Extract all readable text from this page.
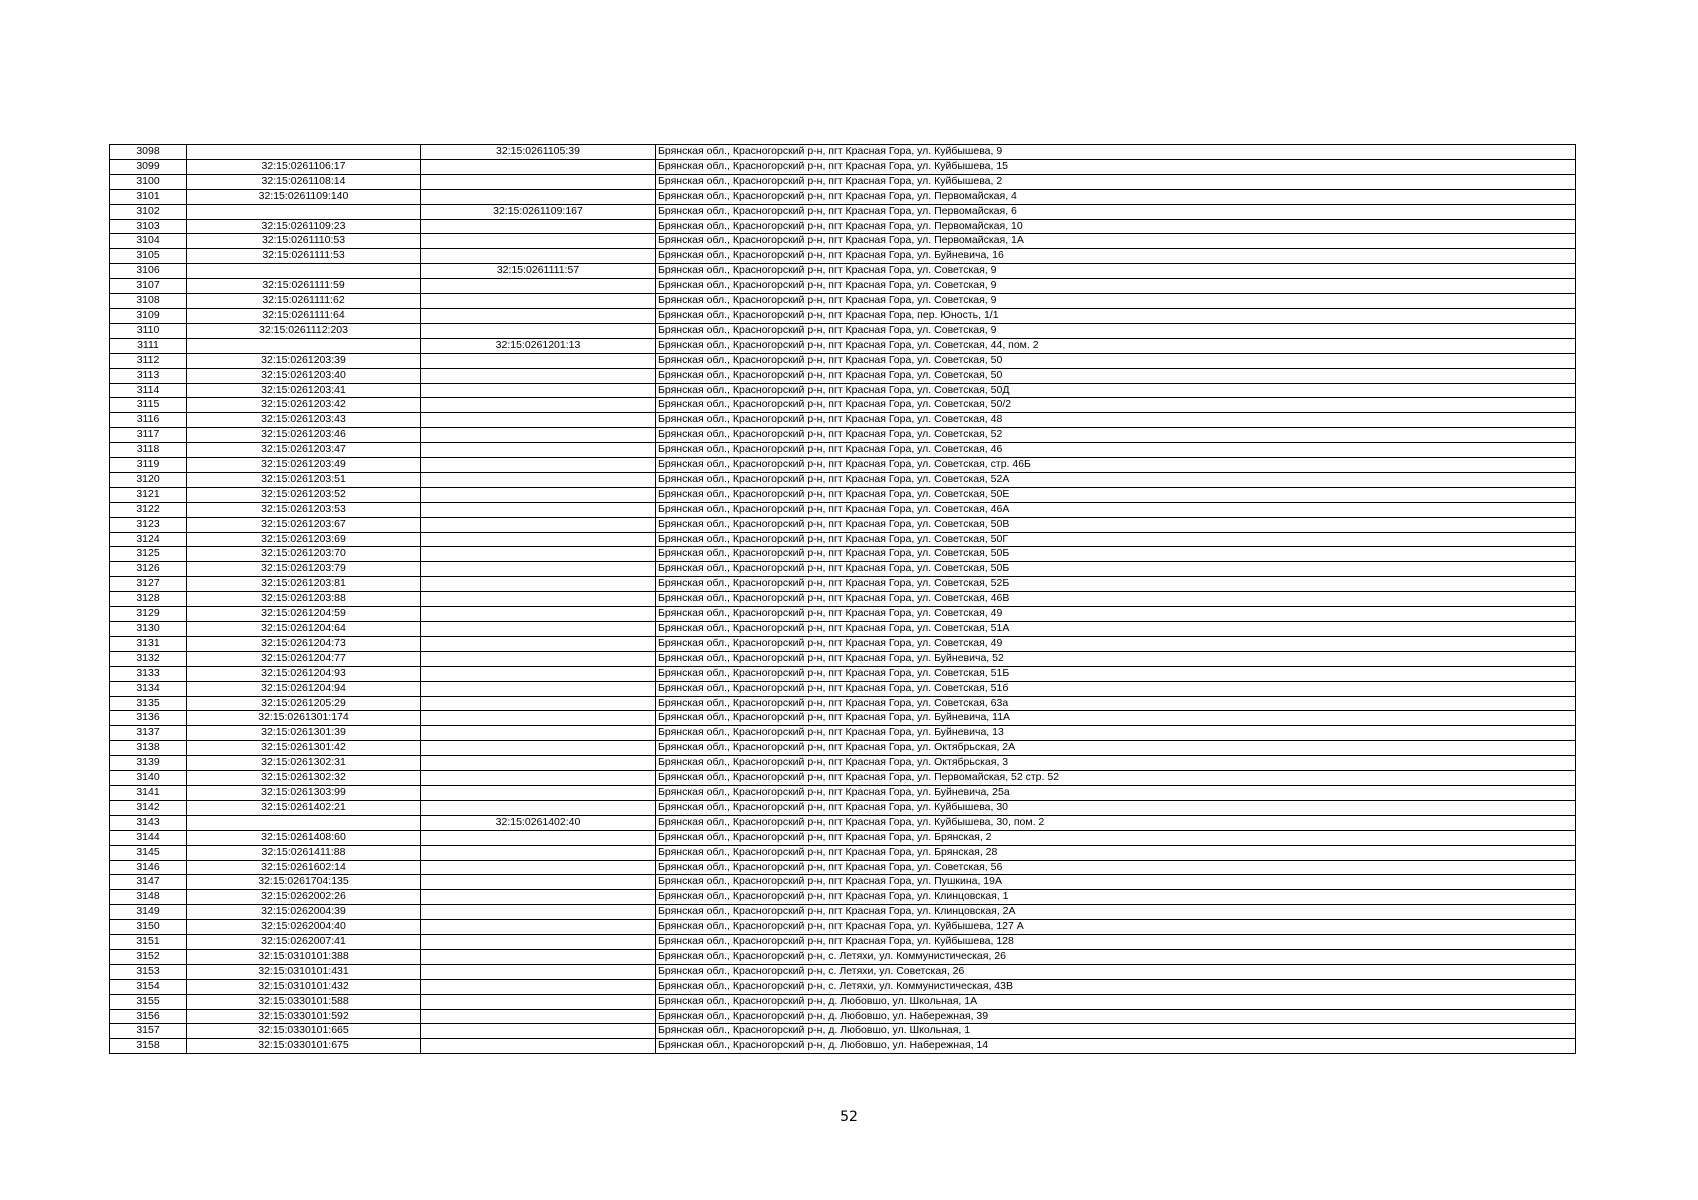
3098		32:15:0261105:39	Брянская обл., Красногорский р-н, пгт Красная Гора, ул. Куйбышева, 9
3099	32:15:0261106:17		Брянская обл., Красногорский р-н, пгт Красная Гора, ул. Куйбышева, 15
3100	32:15:0261108:14		Брянская обл., Красногорский р-н, пгт Красная Гора, ул. Куйбышева, 2
3101	32:15:0261109:140		Брянская обл., Красногорский р-н, пгт Красная Гора, ул. Первомайская, 4
3102		32:15:0261109:167	Брянская обл., Красногорский р-н, пгт Красная Гора, ул. Первомайская, 6
3103	32:15:0261109:23		Брянская обл., Красногорский р-н, пгт Красная Гора, ул. Первомайская, 10
3104	32:15:0261110:53		Брянская обл., Красногорский р-н, пгт Красная Гора, ул. Первомайская, 1А
3105	32:15:0261111:53		Брянская обл., Красногорский р-н, пгт Красная Гора, ул. Буйневича, 16
3106		32:15:0261111:57	Брянская обл., Красногорский р-н, пгт Красная Гора, ул. Советская, 9
3107	32:15:0261111:59		Брянская обл., Красногорский р-н, пгт Красная Гора, ул. Советская, 9
3108	32:15:0261111:62		Брянская обл., Красногорский р-н, пгт Красная Гора, ул. Советская, 9
3109	32:15:0261111:64		Брянская обл., Красногорский р-н, пгт Красная Гора, пер. Юность, 1/1
3110	32:15:0261112:203		Брянская обл., Красногорский р-н, пгт Красная Гора, ул. Советская, 9
3111		32:15:0261201:13	Брянская обл., Красногорский р-н, пгт Красная Гора, ул. Советская, 44, пом. 2
3112	32:15:0261203:39		Брянская обл., Красногорский р-н, пгт Красная Гора, ул. Советская, 50
3113	32:15:0261203:40		Брянская обл., Красногорский р-н, пгт Красная Гора, ул. Советская, 50
3114	32:15:0261203:41		Брянская обл., Красногорский р-н, пгт Красная Гора, ул. Советская, 50Д
3115	32:15:0261203:42		Брянская обл., Красногорский р-н, пгт Красная Гора, ул. Советская, 50/2
3116	32:15:0261203:43		Брянская обл., Красногорский р-н, пгт Красная Гора, ул. Советская, 48
3117	32:15:0261203:46		Брянская обл., Красногорский р-н, пгт Красная Гора, ул. Советская, 52
3118	32:15:0261203:47		Брянская обл., Красногорский р-н, пгт Красная Гора, ул. Советская, 46
3119	32:15:0261203:49		Брянская обл., Красногорский р-н, пгт Красная Гора, ул. Советская, стр. 46Б
3120	32:15:0261203:51		Брянская обл., Красногорский р-н, пгт Красная Гора, ул. Советская, 52А
3121	32:15:0261203:52		Брянская обл., Красногорский р-н, пгт Красная Гора, ул. Советская, 50Е
3122	32:15:0261203:53		Брянская обл., Красногорский р-н, пгт Красная Гора, ул. Советская, 46А
3123	32:15:0261203:67		Брянская обл., Красногорский р-н, пгт Красная Гора, ул. Советская, 50В
3124	32:15:0261203:69		Брянская обл., Красногорский р-н, пгт Красная Гора, ул. Советская, 50Г
3125	32:15:0261203:70		Брянская обл., Красногорский р-н, пгт Красная Гора, ул. Советская, 50Б
3126	32:15:0261203:79		Брянская обл., Красногорский р-н, пгт Красная Гора, ул. Советская, 50Б
3127	32:15:0261203:81		Брянская обл., Красногорский р-н, пгт Красная Гора, ул. Советская, 52Б
3128	32:15:0261203:88		Брянская обл., Красногорский р-н, пгт Красная Гора, ул. Советская, 46В
3129	32:15:0261204:59		Брянская обл., Красногорский р-н, пгт Красная Гора, ул. Советская, 49
3130	32:15:0261204:64		Брянская обл., Красногорский р-н, пгт Красная Гора, ул. Советская, 51А
3131	32:15:0261204:73		Брянская обл., Красногорский р-н, пгт Красная Гора, ул. Советская, 49
3132	32:15:0261204:77		Брянская обл., Красногорский р-н, пгт Красная Гора, ул. Буйневича, 52
3133	32:15:0261204:93		Брянская обл., Красногорский р-н, пгт Красная Гора, ул. Советская, 51Б
3134	32:15:0261204:94		Брянская обл., Красногорский р-н, пгт Красная Гора, ул. Советская, 51б
3135	32:15:0261205:29		Брянская обл., Красногорский р-н, пгт Красная Гора, ул. Советская, 63а
3136	32:15:0261301:174		Брянская обл., Красногорский р-н, пгт Красная Гора, ул. Буйневича, 11А
3137	32:15:0261301:39		Брянская обл., Красногорский р-н, пгт Красная Гора, ул. Буйневича, 13
3138	32:15:0261301:42		Брянская обл., Красногорский р-н, пгт Красная Гора, ул. Октябрьская, 2А
3139	32:15:0261302:31		Брянская обл., Красногорский р-н, пгт Красная Гора, ул. Октябрьская, 3
3140	32:15:0261302:32		Брянская обл., Красногорский р-н, пгт Красная Гора, ул. Первомайская, 52 стр. 52
3141	32:15:0261303:99		Брянская обл., Красногорский р-н, пгт Красная Гора, ул. Буйневича, 25а
3142	32:15:0261402:21		Брянская обл., Красногорский р-н, пгт Красная Гора, ул. Куйбышева, 30
3143		32:15:0261402:40	Брянская обл., Красногорский р-н, пгт Красная Гора, ул. Куйбышева, 30, пом. 2
3144	32:15:0261408:60		Брянская обл., Красногорский р-н, пгт Красная Гора, ул. Брянская, 2
3145	32:15:0261411:88		Брянская обл., Красногорский р-н, пгт Красная Гора, ул. Брянская, 28
3146	32:15:0261602:14		Брянская обл., Красногорский р-н, пгт Красная Гора, ул. Советская, 56
3147	32:15:0261704:135		Брянская обл., Красногорский р-н, пгт Красная Гора, ул. Пушкина, 19А
3148	32:15:0262002:26		Брянская обл., Красногорский р-н, пгт Красная Гора, ул. Клинцовская, 1
3149	32:15:0262004:39		Брянская обл., Красногорский р-н, пгт Красная Гора, ул. Клинцовская, 2А
3150	32:15:0262004:40		Брянская обл., Красногорский р-н, пгт Красная Гора, ул. Куйбышева, 127 А
3151	32:15:0262007:41		Брянская обл., Красногорский р-н, пгт Красная Гора, ул. Куйбышева, 128
3152	32:15:0310101:388		Брянская обл., Красногорский р-н, с. Летяхи, ул. Коммунистическая, 26
3153	32:15:0310101:431		Брянская обл., Красногорский р-н, с. Летяхи, ул. Советская, 26
3154	32:15:0310101:432		Брянская обл., Красногорский р-н, с. Летяхи, ул. Коммунистическая, 43В
3155	32:15:0330101:588		Брянская обл., Красногорский р-н, д. Любовшо, ул. Школьная, 1А
3156	32:15:0330101:592		Брянская обл., Красногорский р-н, д. Любовшо, ул. Набережная, 39
3157	32:15:0330101:665		Брянская обл., Красногорский р-н, д. Любовшо, ул. Школьная, 1
3158	32:15:0330101:675		Брянская обл., Красногорский р-н, д. Любовшо, ул. Набережная, 14
52
